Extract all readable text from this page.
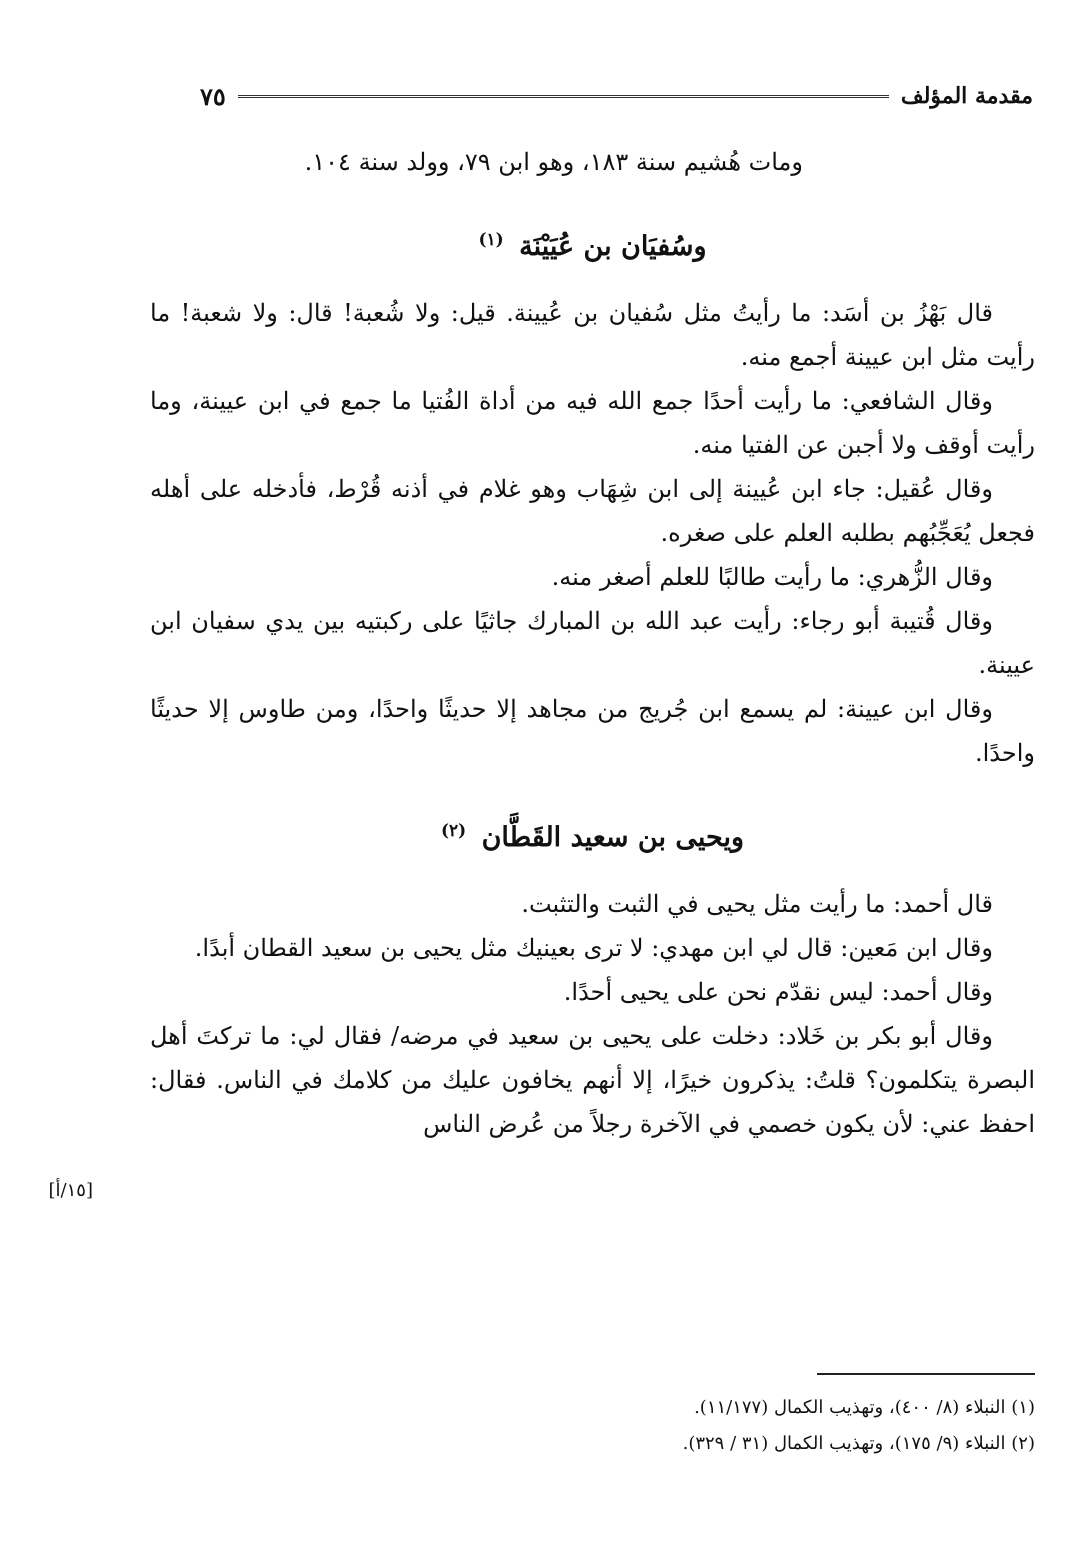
مقدمة المؤلف
٧٥

ومات هُشيم سنة ١٨٣، وهو ابن ٧٩، وولد سنة ١٠٤.

وسُفيَان بن عُيَيْنَة $^{(١)}$

قال بَهْزُ بن أسَد: ما رأيتُ مثل سُفيان بن عُيينة. قيل: ولا شُعبة! قال: ولا شعبة! ما رأيت مثل ابن عيينة أجمع منه.

وقال الشافعي: ما رأيت أحدًا جمع الله فيه من أداة الفُتيا ما جمع في ابن عيينة، وما رأيت أوقف ولا أجبن عن الفتيا منه.

وقال عُقيل: جاء ابن عُيينة إلى ابن شِهَاب وهو غلام في أذنه قُرْط، فأدخله على أهله فجعل يُعَجِّبُهم بطلبه العلم على صغره.

وقال الزُّهري: ما رأيت طالبًا للعلم أصغر منه.

وقال قُتيبة أبو رجاء: رأيت عبد الله بن المبارك جاثيًا على ركبتيه بين يدي سفيان ابن عيينة.

وقال ابن عيينة: لم يسمع ابن جُريج من مجاهد إلا حديثًا واحدًا، ومن طاوس إلا حديثًا واحدًا.

ويحيى بن سعيد القَطَّان $^{(٢)}$

قال أحمد: ما رأيت مثل يحيى في الثبت والتثبت.

وقال ابن مَعين: قال لي ابن مهدي: لا ترى بعينيك مثل يحيى بن سعيد القطان أبدًا.

وقال أحمد: ليس نقدّم نحن على يحيى أحدًا.

وقال أبو بكر بن خَلاد: دخلت على يحيى بن سعيد في مرضه/ فقال لي: ما تركتَ أهل البصرة يتكلمون؟ قلتُ: يذكرون خيرًا، إلا أنهم يخافون عليك من كلامك في الناس. فقال: احفظ عني: لأن يكون خصمي في الآخرة رجلاً من عُرض الناس

[١٥/أ]

(١) النبلاء (٨/ ٤٠٠)، وتهذيب الكمال (١١/١٧٧).

(٢) النبلاء (٩/ ١٧٥)، وتهذيب الكمال (٣١ / ٣٢٩).
